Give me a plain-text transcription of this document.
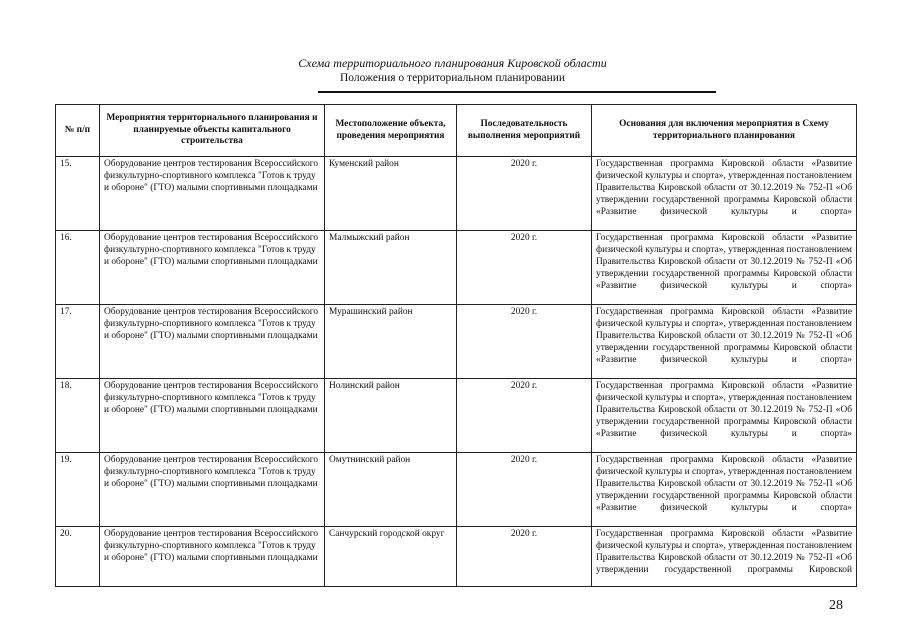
Схема территориального планирования Кировской области
Положения о территориальном планировании
№ п/п	Мероприятия территориального планирования и планируемые объекты капитального строительства	Местоположение объекта, проведения мероприятия	Последовательность выполнения мероприятий	Основания для включения мероприятия в Схему территориального планирования
15.	Оборудование центров тестирования Всероссийского физкультурно-спортивного комплекса "Готов к труду и обороне" (ГТО) малыми спортивными площадками	Куменский район	2020 г.	Государственная программа Кировской области «Развитие физической культуры и спорта», утвержденная постановлением Правительства Кировской области от 30.12.2019 № 752-П «Об утверждении государственной программы Кировской области «Развитие физической культуры и спорта»
16.	Оборудование центров тестирования Всероссийского физкультурно-спортивного комплекса "Готов к труду и обороне" (ГТО) малыми спортивными площадками	Малмыжский район	2020 г.	Государственная программа Кировской области «Развитие физической культуры и спорта», утвержденная постановлением Правительства Кировской области от 30.12.2019 № 752-П «Об утверждении государственной программы Кировской области «Развитие физической культуры и спорта»
17.	Оборудование центров тестирования Всероссийского физкультурно-спортивного комплекса "Готов к труду и обороне" (ГТО) малыми спортивными площадками	Мурашинский район	2020 г.	Государственная программа Кировской области «Развитие физической культуры и спорта», утвержденная постановлением Правительства Кировской области от 30.12.2019 № 752-П «Об утверждении государственной программы Кировской области «Развитие физической культуры и спорта»
18.	Оборудование центров тестирования Всероссийского физкультурно-спортивного комплекса "Готов к труду и обороне" (ГТО) малыми спортивными площадками	Нолинский район	2020 г.	Государственная программа Кировской области «Развитие физической культуры и спорта», утвержденная постановлением Правительства Кировской области от 30.12.2019 № 752-П «Об утверждении государственной программы Кировской области «Развитие физической культуры и спорта»
19.	Оборудование центров тестирования Всероссийского физкультурно-спортивного комплекса "Готов к труду и обороне" (ГТО) малыми спортивными площадками	Омутнинский район	2020 г.	Государственная программа Кировской области «Развитие физической культуры и спорта», утвержденная постановлением Правительства Кировской области от 30.12.2019 № 752-П «Об утверждении государственной программы Кировской области «Развитие физической культуры и спорта»
20.	Оборудование центров тестирования Всероссийского физкультурно-спортивного комплекса "Готов к труду и обороне" (ГТО) малыми спортивными площадками	Санчурский городской округ	2020 г.	Государственная программа Кировской области «Развитие физической культуры и спорта», утвержденная постановлением Правительства Кировской области от 30.12.2019 № 752-П «Об утверждении государственной программы Кировской
28
